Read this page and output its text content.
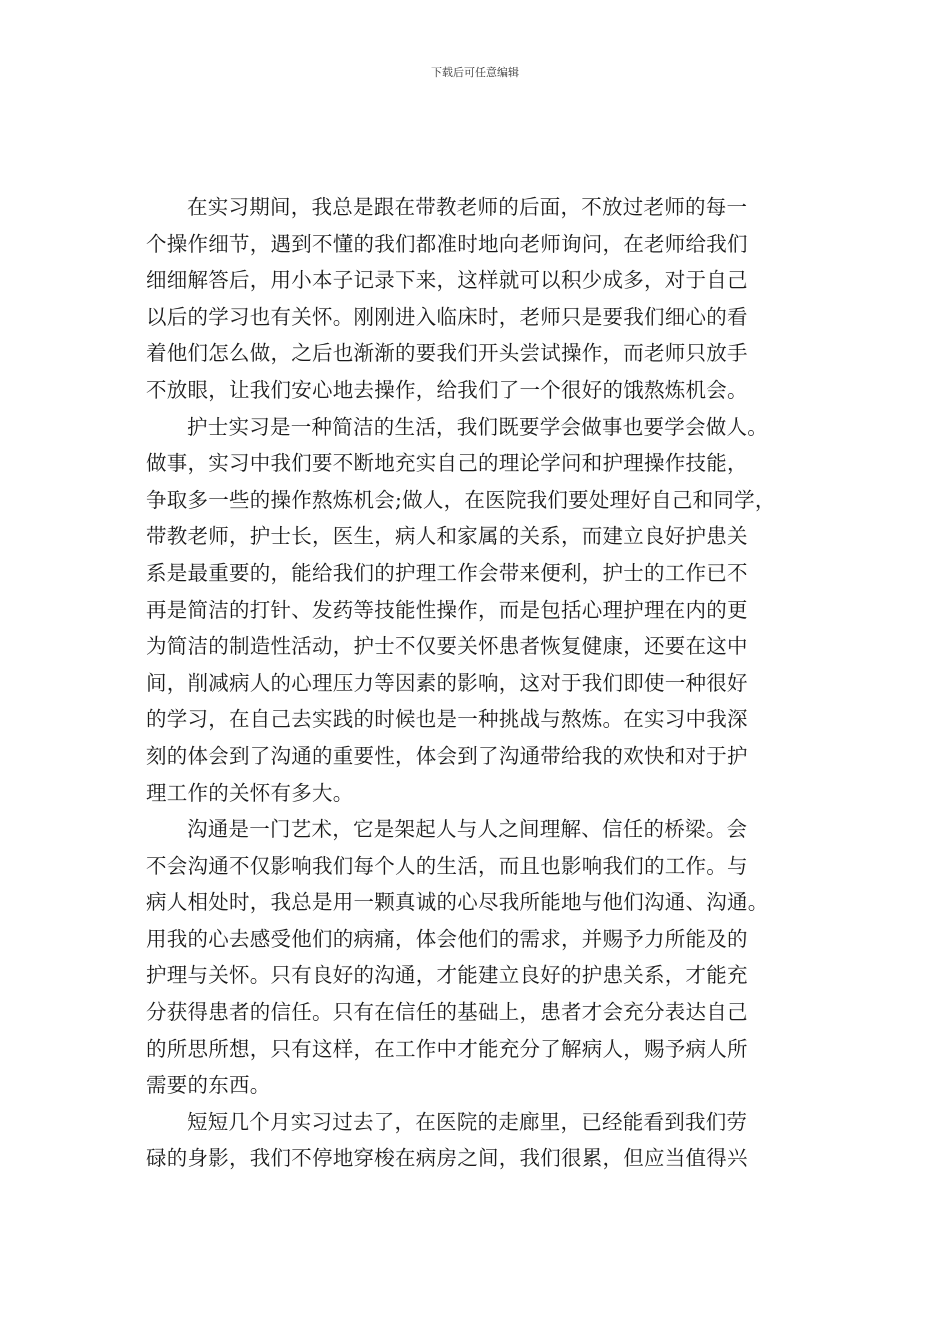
下载后可任意编辑
在实习期间，我总是跟在带教老师的后面，不放过老师的每一
个操作细节，遇到不懂的我们都准时地向老师询问，在老师给我们
细细解答后，用小本子记录下来，这样就可以积少成多，对于自己
以后的学习也有关怀。刚刚进入临床时，老师只是要我们细心的看
着他们怎么做，之后也渐渐的要我们开头尝试操作，而老师只放手
不放眼，让我们安心地去操作，给我们了一个很好的饿熬炼机会。
护士实习是一种简洁的生活，我们既要学会做事也要学会做人。
做事，实习中我们要不断地充实自己的理论学问和护理操作技能，
争取多一些的操作熬炼机会;做人，在医院我们要处理好自己和同学，
带教老师，护士长，医生，病人和家属的关系，而建立良好护患关
系是最重要的，能给我们的护理工作会带来便利，护士的工作已不
再是简洁的打针、发药等技能性操作，而是包括心理护理在内的更
为简洁的制造性活动，护士不仅要关怀患者恢复健康，还要在这中
间，削减病人的心理压力等因素的影响，这对于我们即使一种很好
的学习，在自己去实践的时候也是一种挑战与熬炼。在实习中我深
刻的体会到了沟通的重要性，体会到了沟通带给我的欢快和对于护
理工作的关怀有多大。
沟通是一门艺术，它是架起人与人之间理解、信任的桥梁。会
不会沟通不仅影响我们每个人的生活，而且也影响我们的工作。与
病人相处时，我总是用一颗真诚的心尽我所能地与他们沟通、沟通。
用我的心去感受他们的病痛，体会他们的需求，并赐予力所能及的
护理与关怀。只有良好的沟通，才能建立良好的护患关系，才能充
分获得患者的信任。只有在信任的基础上，患者才会充分表达自己
的所思所想，只有这样，在工作中才能充分了解病人，赐予病人所
需要的东西。
短短几个月实习过去了，在医院的走廊里，已经能看到我们劳
碌的身影，我们不停地穿梭在病房之间，我们很累，但应当值得兴
